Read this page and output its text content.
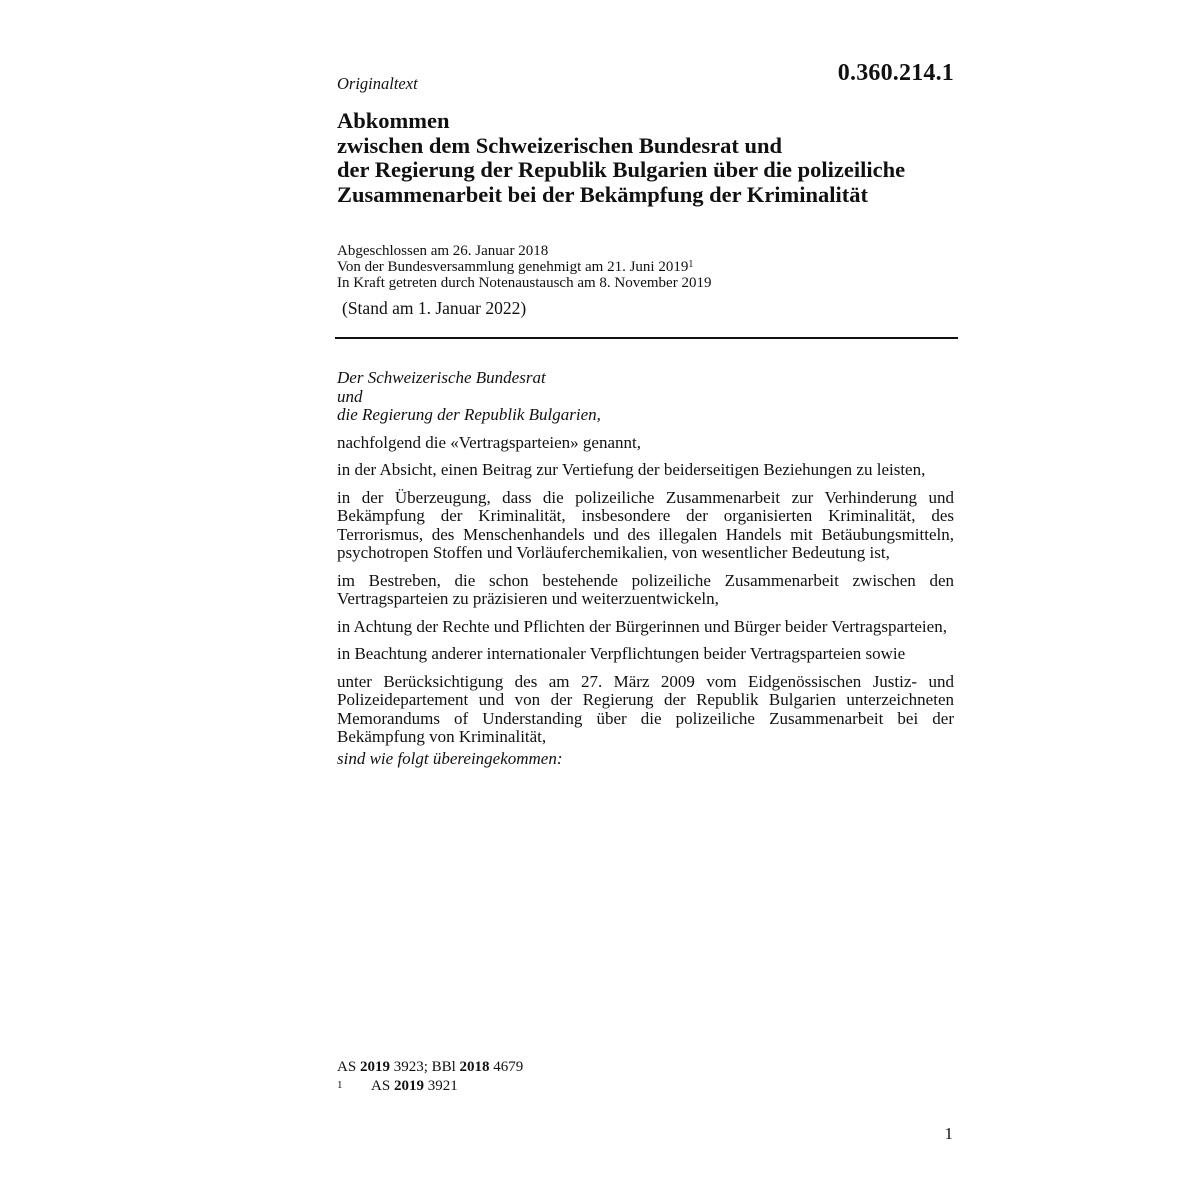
0.360.214.1
Originaltext
Abkommen
zwischen dem Schweizerischen Bundesrat und
der Regierung der Republik Bulgarien über die polizeiliche
Zusammenarbeit bei der Bekämpfung der Kriminalität
Abgeschlossen am 26. Januar 2018
Von der Bundesversammlung genehmigt am 21. Juni 2019$^1$
In Kraft getreten durch Notenaustausch am 8. November 2019
(Stand am 1. Januar 2022)
Der Schweizerische Bundesrat
und
die Regierung der Republik Bulgarien,

nachfolgend die «Vertragsparteien» genannt,

in der Absicht, einen Beitrag zur Vertiefung der beiderseitigen Beziehungen zu leisten,

in der Überzeugung, dass die polizeiliche Zusammenarbeit zur Verhinderung und Bekämpfung der Kriminalität, insbesondere der organisierten Kriminalität, des Terrorismus, des Menschenhandels und des illegalen Handels mit Betäubungsmitteln, psychotropen Stoffen und Vorläuferchemikalien, von wesentlicher Bedeutung ist,

im Bestreben, die schon bestehende polizeiliche Zusammenarbeit zwischen den Vertragsparteien zu präzisieren und weiterzuentwickeln,

in Achtung der Rechte und Pflichten der Bürgerinnen und Bürger beider Vertragsparteien,

in Beachtung anderer internationaler Verpflichtungen beider Vertragsparteien sowie

unter Berücksichtigung des am 27. März 2009 vom Eidgenössischen Justiz- und Polizeidepartement und von der Regierung der Republik Bulgarien unterzeichneten Memorandums of Understanding über die polizeiliche Zusammenarbeit bei der Bekämpfung von Kriminalität,

sind wie folgt übereingekommen:

AS 2019 3923; BBl 2018 4679
1 AS 2019 3921
1
